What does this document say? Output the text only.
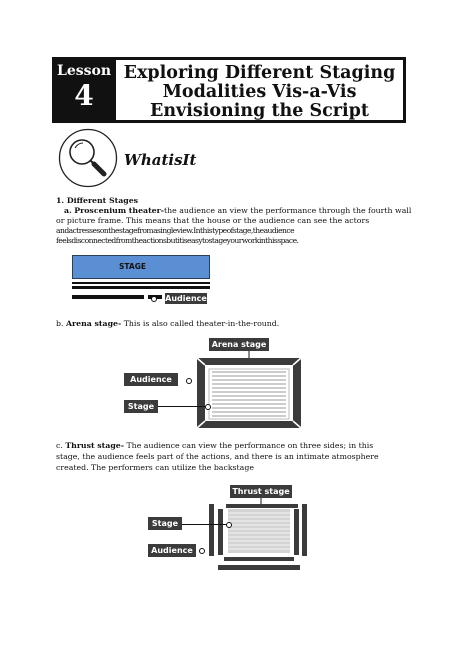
Lesson
4
Exploring Different Staging
Modalities Vis-a-Vis
Envisioning the Script
WhatisIt
1. Different Stages
a. Proscenium theater-the audience an view the performance through the fourth wall
or picture frame. This means that the house or the audience can see the actors
andactressesonthestagefromasingleview.Inthistypeofstage,theaudience
feelsdisconnectedfromtheactionsbutitiseasytostageyourworkinthisspace.
STAGE
Audience
b. Arena stage- This is also called theater-in-the-round.
Arena stage
Audience
Stage
c. Thrust stage- The audience can view the performance on three sides; in this
stage, the audience feels part of the actions, and there is an intimate atmosphere
created. The performers can utilize the backstage
Thrust stage
Stage
Audience
